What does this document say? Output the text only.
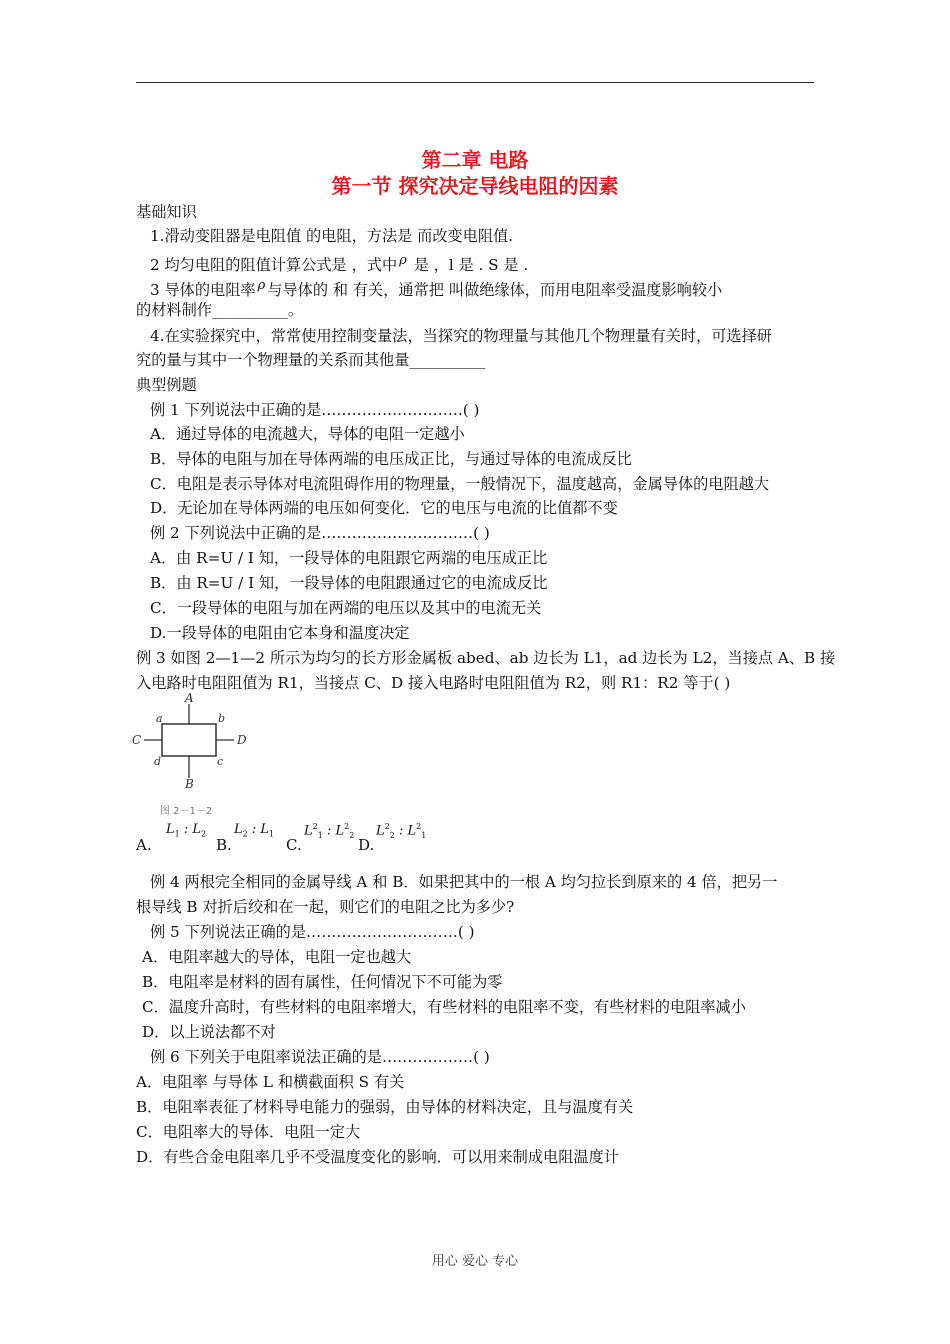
第二章 电路
第一节 探究决定导线电阻的因素
基础知识
1.滑动变阻器是电阻值 的电阻，方法是 而改变电阻值.
2 均匀电阻的阻值计算公式是 ，式中 ρ 是 ，l 是 . S 是 .
3 导体的电阻率 ρ 与导体的 和 有关，通常把 叫做绝缘体，而用电阻率受温度影响较小
的材料制作__________。
4.在实验探究中，常常使用控制变量法，当探究的物理量与其他几个物理量有关时，可选择研
究的量与其中一个物理量的关系而其他量__________
典型例题
例 1 下列说法中正确的是……………………….( )
A．通过导体的电流越大，导体的电阻一定越小
B．导体的电阻与加在导体两端的电压成正比，与通过导体的电流成反比
C．电阻是表示导体对电流阻碍作用的物理量，一般情况下，温度越高，金属导体的电阻越大
D．无论加在导体两端的电压如何变化．它的电压与电流的比值都不变
例 2 下列说法中正确的是…………………………( )
A．由 R=U / I 知，一段导体的电阻跟它两端的电压成正比
B．由 R=U / I 知，一段导体的电阻跟通过它的电流成反比
C．一段导体的电阻与加在两端的电压以及其中的电流无关
D.一段导体的电阻由它本身和温度决定
例 3 如图 2—1—2 所示为均匀的长方形金属板 abed、ab 边长为 L1，ad 边长为 L2，当接点 A、B 接
入电路时电阻阻值为 R1，当接点 C、D 接入电路时电阻阻值为 R2，则 R1：R2 等于( )
A
B
C	D
a	b
c
d
图 2－1－2
A.
$L_1$ : $L_2$
B.
$L_2$ : $L_1$
C.
$L^2_1$ : $L^2_2$
D.
$L^2_2$ : $L^2_1$
例 4 两根完全相同的金属导线 A 和 B．如果把其中的一根 A 均匀拉长到原来的 4 倍，把另一
根导线 B 对折后绞和在一起，则它们的电阻之比为多少?
例 5 下列说法正确的是…………………………( )
A．电阻率越大的导体，电阻一定也越大
B．电阻率是材料的固有属性，任何情况下不可能为零
C．温度升高时，有些材料的电阻率增大，有些材料的电阻率不变，有些材料的电阻率减小
D．以上说法都不对
例 6 下列关于电阻率说法正确的是………………( )
A．电阻率 与导体 L 和横截面积 S 有关
B．电阻率表征了材料导电能力的强弱，由导体的材料决定，且与温度有关
C．电阻率大的导体．电阻一定大
D．有些合金电阻率几乎不受温度变化的影响．可以用来制成电阻温度计
用心 爱心 专心
